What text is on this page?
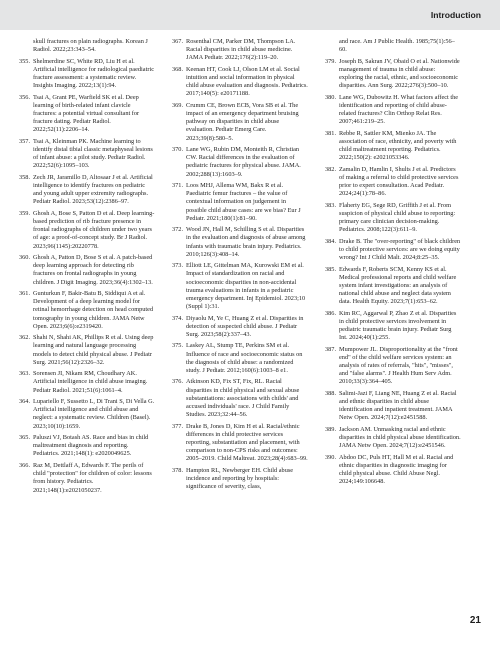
Introduction
skull fractures on plain radiographs. Korean J Radiol. 2022;23:343–54.
355. Shelmerdine SC, White RD, Liu H et al. Artificial intelligence for radiological paediatric fracture assessment: a systematic review. Insights Imaging. 2022;13(1):94.
356. Tsai A, Grant PE, Warfield SK et al. Deep learning of birth-related infant clavicle fractures: a potential virtual consultant for fracture dating. Pediatr Radiol. 2022;52(11):2206–14.
357. Tsai A, Kleinman PK. Machine learning to identify distal tibial classic metaphyseal lesions of infant abuse: a pilot study. Pediatr Radiol. 2022;52(6):1095–103.
358. Zech JR, Jaramillo D, Altosaar J et al. Artificial intelligence to identify fractures on pediatric and young adult upper extremity radiographs. Pediatr Radiol. 2023;53(12):2386–97.
359. Ghosh A, Bose S, Patton D et al. Deep learning-based prediction of rib fracture presence in frontal radiographs of children under two years of age: a proof-of-concept study. Br J Radiol. 2023;96(1145):20220778.
360. Ghosh A, Patton D, Bose S et al. A patch-based deep learning approach for detecting rib fractures on frontal radiographs in young children. J Digit Imaging. 2023;36(4):1302–13.
361. Gunturkun F, Bakir-Batu B, Siddiqui A et al. Development of a deep learning model for retinal hemorrhage detection on head computed tomography in young children. JAMA Netw Open. 2023;6(6):e2319420.
362. Shahi N, Shahi AK, Phillips R et al. Using deep learning and natural language processing models to detect child physical abuse. J Pediatr Surg. 2021;56(12):2326–32.
363. Sorensen JI, Nikam RM, Choudhary AK. Artificial intelligence in child abuse imaging. Pediatr Radiol. 2021;51(6):1061–4.
364. Lupariello F, Sussetto L, Di Trani S, Di Vella G. Artificial intelligence and child abuse and neglect: a systematic review. Children (Basel). 2023;10(10):1659.
365. Paluszi VJ, Botash AS. Race and bias in child maltreatment diagnosis and reporting. Pediatrics. 2021;148(1): e2020049625.
366. Raz M, Dettlaff A, Edwards F. The perils of child "protection" for children of color: lessons from history. Pediatrics. 2021;148(1):e2021050237.
367. Rosenthal CM, Parker DM, Thompson LA. Racial disparities in child abuse medicine. JAMA Pediatr. 2022;176(2):119–20.
368. Keenan HT, Cook LJ, Olson LM et al. Social intuition and social information in physical child abuse evaluation and diagnosis. Pediatrics. 2017;140(5): e20171188.
369. Crumm CE, Brown ECB, Vora SB et al. The impact of an emergency department bruising pathway on disparities in child abuse evaluation. Pediatr Emerg Care. 2023;39(8):580–5.
370. Lane WG, Rubin DM, Monteith R, Christian CW. Racial differences in the evaluation of pediatric fractures for physical abuse. JAMA. 2002;288(13):1603–9.
371. Loos MHJ, Allema WM, Bakx R et al. Paediatric femur fractures – the value of contextual information on judgement in possible child abuse cases: are we bias? Eur J Pediatr. 2021;180(1):81–90.
372. Wood JN, Hall M, Schilling S et al. Disparities in the evaluation and diagnosis of abuse among infants with traumatic brain injury. Pediatrics. 2010;126(3):408–14.
373. Elliott LE, Gittelman MA, Kurowski EM et al. Impact of standardization on racial and socioeconomic disparities in non-accidental trauma evaluations in infants in a pediatric emergency department. Inj Epidemiol. 2023;10 (Suppl 1):31.
374. Diyaolu M, Ye C, Huang Z et al. Disparities in detection of suspected child abuse. J Pediatr Surg. 2023;58(2):337–43.
375. Laskey AL, Stump TE, Perkins SM et al. Influence of race and socioeconomic status on the diagnosis of child abuse: a randomized study. J Pediatr. 2012;160(6):1003–8 e1.
376. Atkinson KD, Fix ST, Fix, RL. Racial disparities in child physical and sexual abuse substantiations: associations with childs' and accused individuals' race. J Child Family Studies. 2023;32:44–56.
377. Drake B, Jones D, Kim H et al. Racial/ethnic differences in child protective services reporting, substantiation and placement, with comparison to non-CPS risks and outcomes: 2005–2019. Child Maltreat. 2023;28(4):683–99.
378. Hampton RL, Newberger EH. Child abuse incidence and reporting by hospitals: significance of severity, class,
and race. Am J Public Health. 1985;75(1):56–60.
379. Joseph B, Sakran JV, Obaid O et al. Nationwide management of trauma in child abuse: exploring the racial, ethnic, and socioeconomic disparities. Ann Surg. 2022;276(3):500–10.
380. Lane WG, Dubowitz H. What factors affect the identification and reporting of child abuse-related fractures? Clin Orthop Relat Res. 2007;461:219–25.
381. Rebbe R, Sattler KM, Mienko JA. The association of race, ethnicity, and poverty with child maltreatment reporting. Pediatrics. 2022;150(2): e2021053346.
382. Zamalin D, Hamlin I, Shults J et al. Predictors of making a referral to child protective services prior to expert consultation. Acad Pediatr. 2024;24(1):78–86.
383. Flaherty EG, Sege RD, Griffith J et al. From suspicion of physical child abuse to reporting: primary care clinician decision-making. Pediatrics. 2008;122(3):611–9.
384. Drake B. The "over-reporting" of black children to child protective services: are we doing equity wrong? Int J Child Malt. 2024;8:25–35.
385. Edwards F, Roberts SCM, Kenny KS et al. Medical professional reports and child welfare system infant investigations: an analysis of national child abuse and neglect data system data. Health Equity. 2023;7(1):653–62.
386. Kim RC, Aggarwal P, Zhao Z et al. Disparities in child protective services involvement in pediatric traumatic brain injury. Pediatr Surg Int. 2024;40(1):255.
387. Mumpower JL. Disproportionality at the "front end" of the child welfare services system: an analysis of rates of referrals, "hits", "misses", and "false alarms". J Health Hum Serv Adm. 2010;33(3):364–405.
388. Salimi-Jazi F, Liang NE, Huang Z et al. Racial and ethnic disparities in child abuse identification and inpatient treatment. JAMA Netw Open. 2024;7(12):e2451588.
389. Jackson AM. Unmasking racial and ethnic disparities in child physical abuse identification. JAMA Netw Open. 2024;7(12):e2451546.
390. Abdoo DC, Puls HT, Hall M et al. Racial and ethnic disparities in diagnostic imaging for child physical abuse. Child Abuse Negl. 2024;149:106648.
21
